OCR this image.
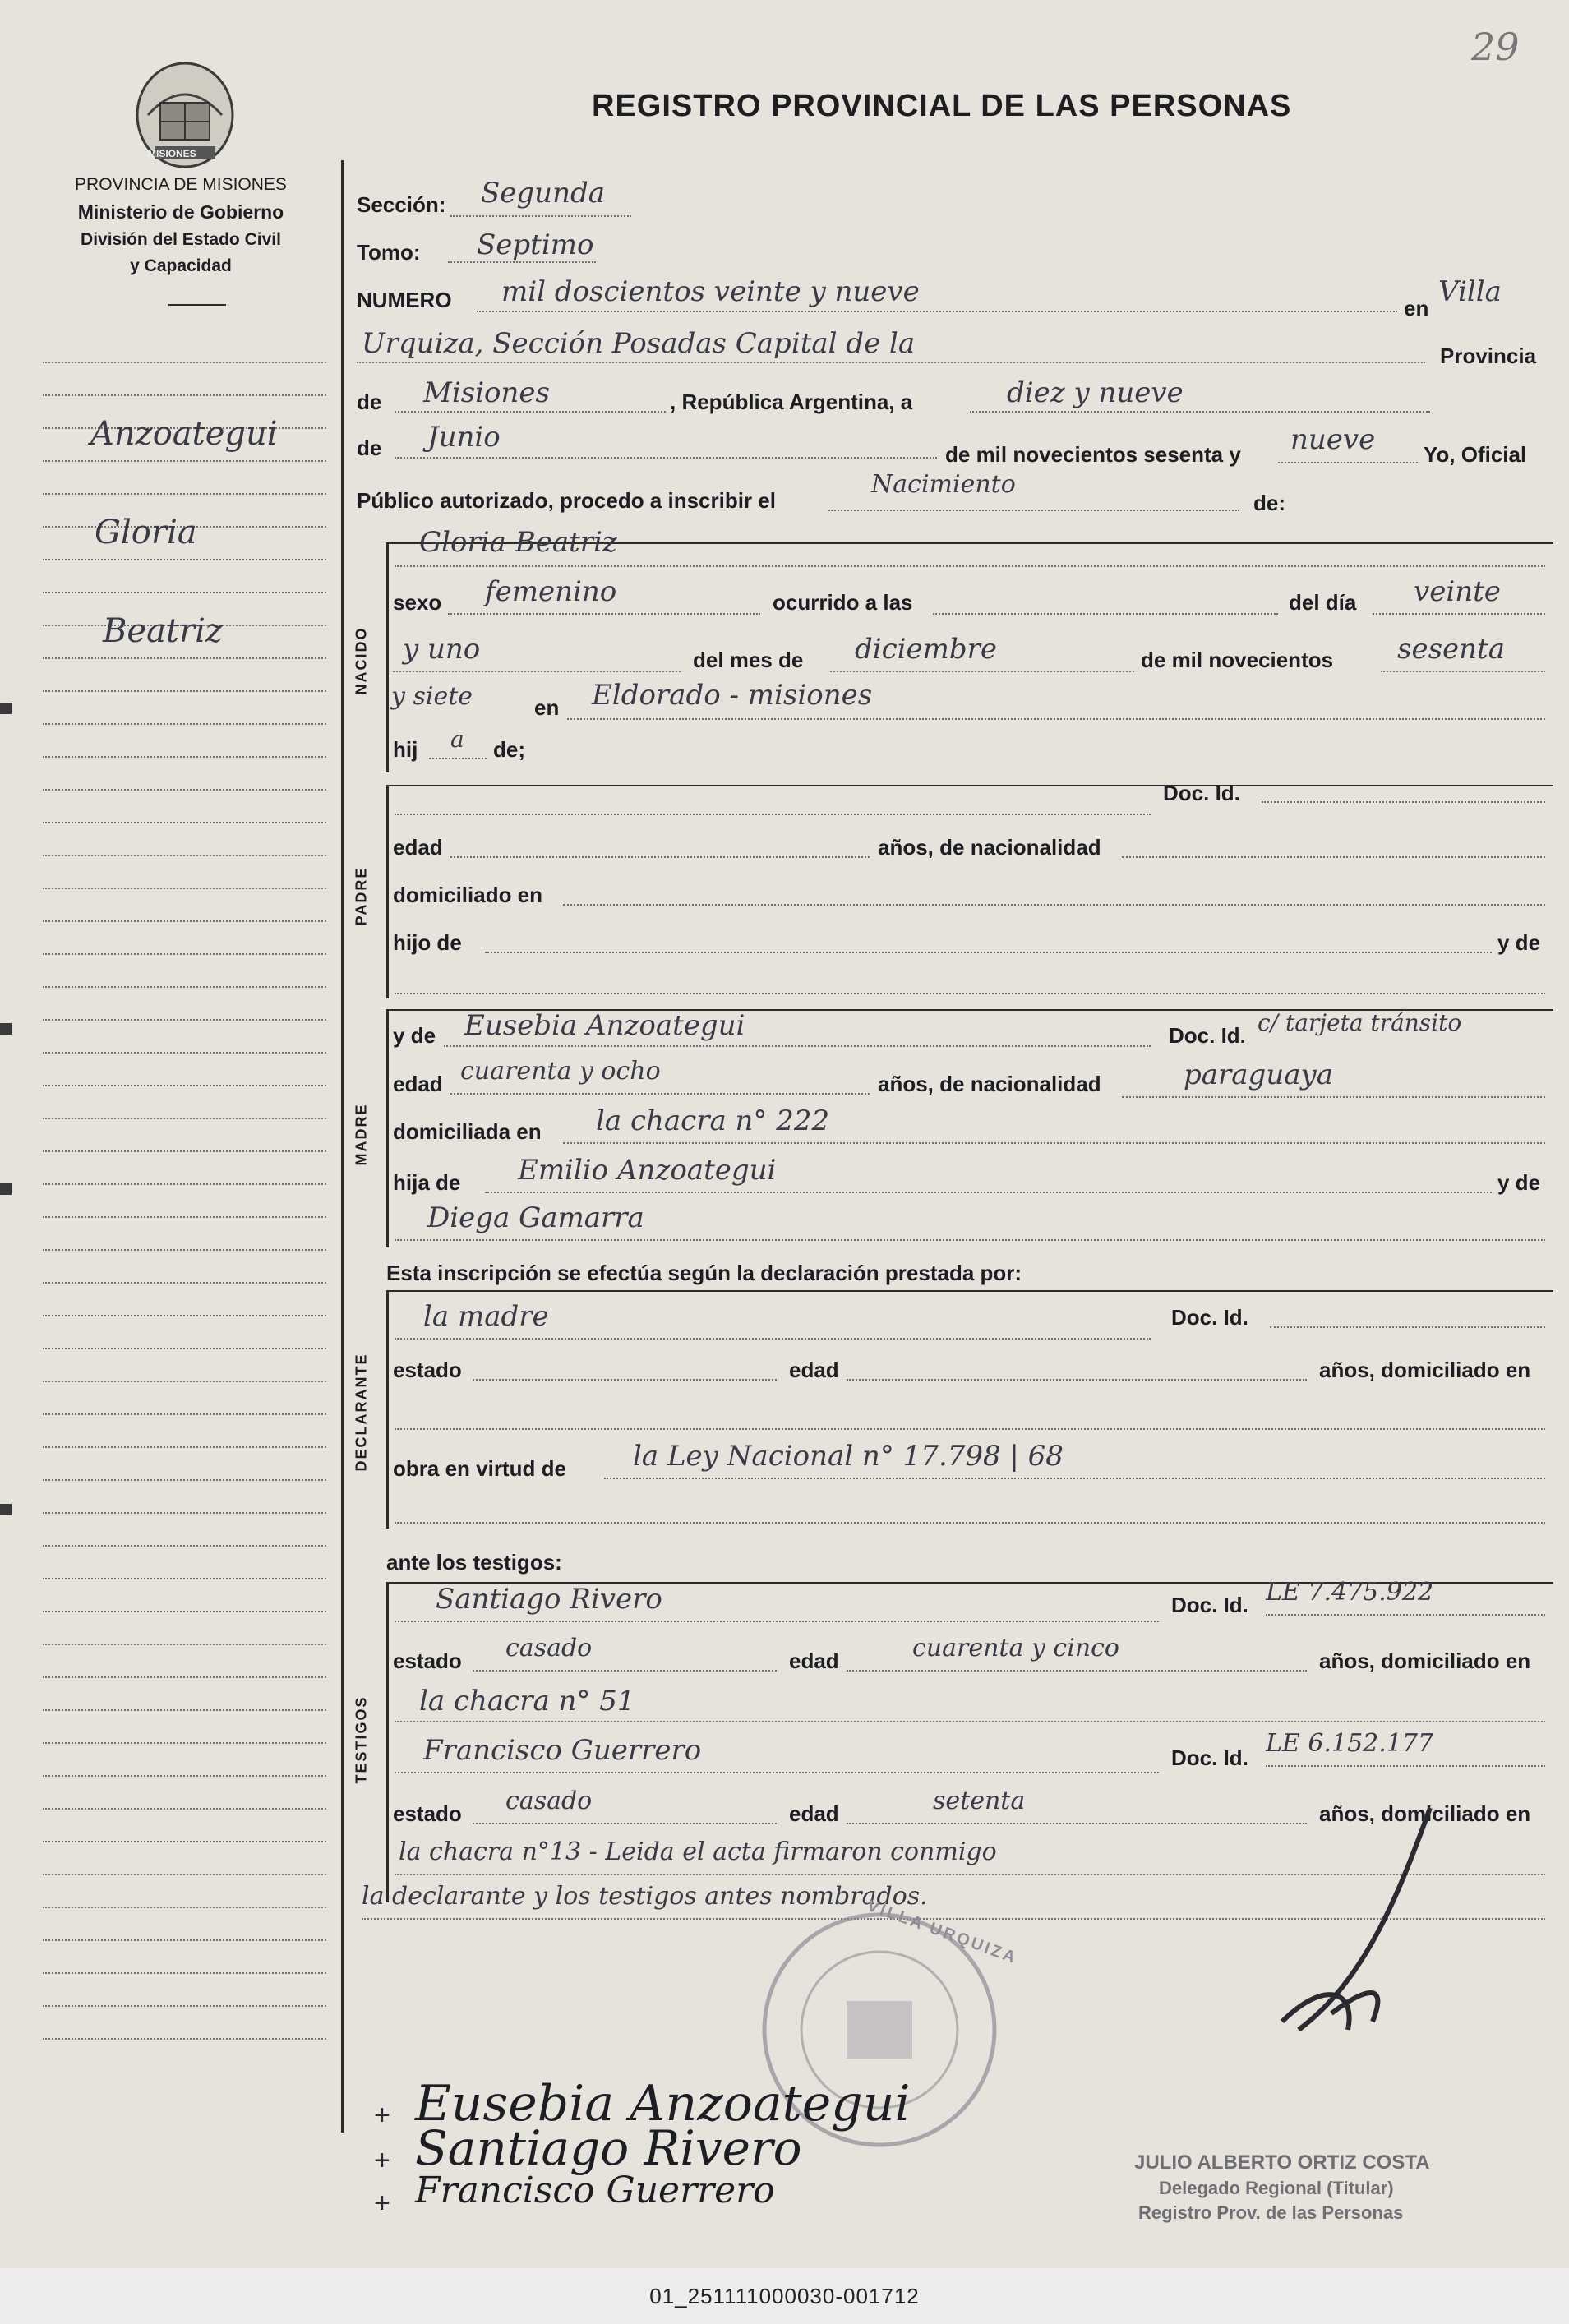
29
MISIONES
REGISTRO PROVINCIAL DE LAS PERSONAS
PROVINCIA DE MISIONES
Ministerio de Gobierno
División del Estado Civil
y Capacidad
Anzoategui
Gloria
Beatriz
Sección: Segunda
Tomo: Septimo
NUMERO mil doscientos veinte y nueve	en Villa
Urquiza, Sección Posadas Capital de la	Provincia
de Misiones	, República Argentina, a	diez y nueve
de Junio
de mil novecientos sesenta y nueve Yo, Oficial
Público autorizado, procedo a inscribir el
Nacimiento
de:
NACIDO
Gloria Beatriz
sexo femenino	ocurrido a las	del día veinte
y uno	del mes de diciembre	de mil novecientos sesenta
y siete	en Eldorado - misiones
hij a de;
PADRE
Doc. Id.
edad	años, de nacionalidad
domiciliado en
hijo de	y de
MADRE
y de Eusebia Anzoategui	Doc. Id. c/ tarjeta tránsito
edad cuarenta y ocho	años, de nacionalidad	paraguaya
domiciliada en la chacra n° 222
hija de Emilio Anzoategui	y de
Diega Gamarra
Esta inscripción se efectúa según la declaración prestada por:
DECLARANTE
la madre	Doc. Id.
estado	edad	años, domiciliado en
obra en virtud de la Ley Nacional n° 17.798 | 68
ante los testigos:
TESTIGOS
Santiago Rivero	Doc. Id. LE 7.475.922
estado casado	edad	cuarenta y cinco	años, domiciliado en
la chacra n° 51
Francisco Guerrero	Doc. Id. LE 6.152.177
estado casado	edad	setenta	años, domiciliado en
la chacra n°13 - Leida el acta firmaron conmigo
la declarante y los testigos antes nombrados.
VILLA URQUIZA
+ Eusebia Anzoategui
+ Santiago Rivero
+ Francisco Guerrero
JULIO ALBERTO ORTIZ COSTA
Delegado Regional (Titular)
Registro Prov. de las Personas
01_251111000030-001712
